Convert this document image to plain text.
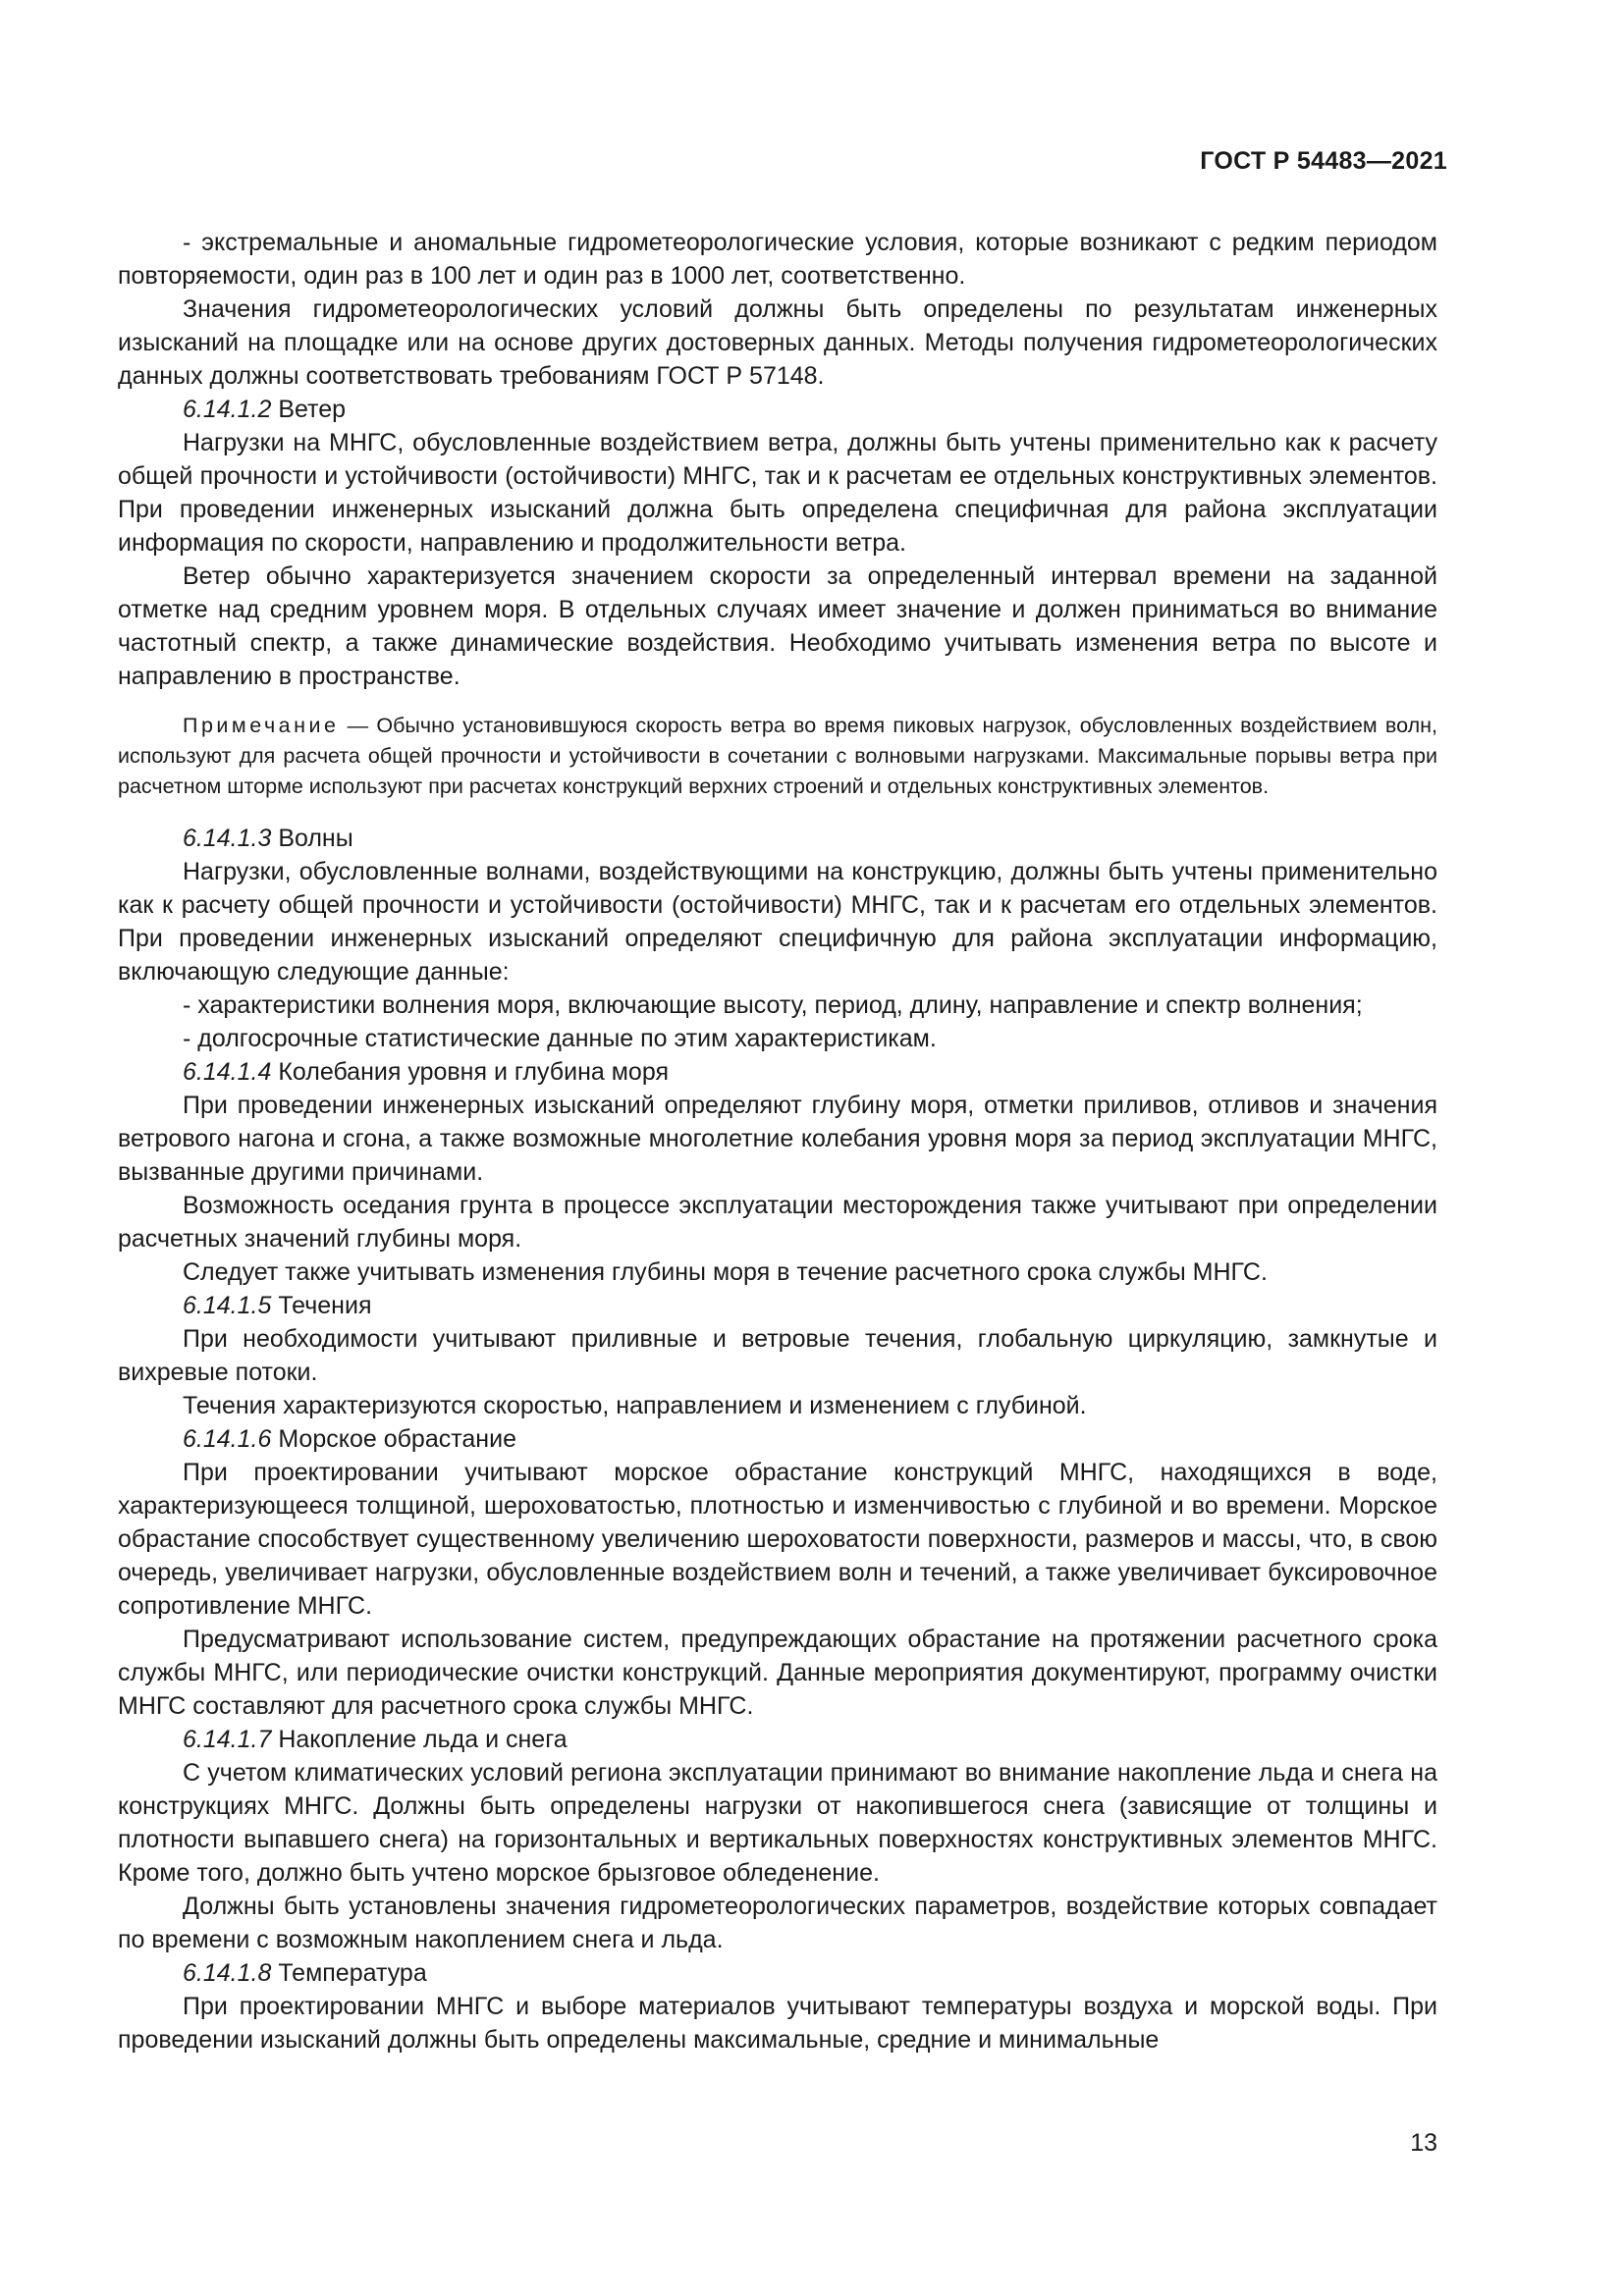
ГОСТ Р 54483—2021

- экстремальные и аномальные гидрометеорологические условия, которые возникают с редким периодом повторяемости, один раз в 100 лет и один раз в 1000 лет, соответственно.

Значения гидрометеорологических условий должны быть определены по результатам инженерных изысканий на площадке или на основе других достоверных данных. Методы получения гидрометеорологических данных должны соответствовать требованиям ГОСТ Р 57148.

6.14.1.2 Ветер

Нагрузки на МНГС, обусловленные воздействием ветра, должны быть учтены применительно как к расчету общей прочности и устойчивости (остойчивости) МНГС, так и к расчетам ее отдельных конструктивных элементов. При проведении инженерных изысканий должна быть определена специфичная для района эксплуатации информация по скорости, направлению и продолжительности ветра.

Ветер обычно характеризуется значением скорости за определенный интервал времени на заданной отметке над средним уровнем моря. В отдельных случаях имеет значение и должен приниматься во внимание частотный спектр, а также динамические воздействия. Необходимо учитывать изменения ветра по высоте и направлению в пространстве.

Примечание — Обычно установившуюся скорость ветра во время пиковых нагрузок, обусловленных воздействием волн, используют для расчета общей прочности и устойчивости в сочетании с волновыми нагрузками. Максимальные порывы ветра при расчетном шторме используют при расчетах конструкций верхних строений и отдельных конструктивных элементов.

6.14.1.3 Волны

Нагрузки, обусловленные волнами, воздействующими на конструкцию, должны быть учтены применительно как к расчету общей прочности и устойчивости (остойчивости) МНГС, так и к расчетам его отдельных элементов. При проведении инженерных изысканий определяют специфичную для района эксплуатации информацию, включающую следующие данные:

- характеристики волнения моря, включающие высоту, период, длину, направление и спектр волнения;

- долгосрочные статистические данные по этим характеристикам.

6.14.1.4 Колебания уровня и глубина моря

При проведении инженерных изысканий определяют глубину моря, отметки приливов, отливов и значения ветрового нагона и сгона, а также возможные многолетние колебания уровня моря за период эксплуатации МНГС, вызванные другими причинами.

Возможность оседания грунта в процессе эксплуатации месторождения также учитывают при определении расчетных значений глубины моря.

Следует также учитывать изменения глубины моря в течение расчетного срока службы МНГС.

6.14.1.5 Течения

При необходимости учитывают приливные и ветровые течения, глобальную циркуляцию, замкнутые и вихревые потоки.

Течения характеризуются скоростью, направлением и изменением с глубиной.

6.14.1.6 Морское обрастание

При проектировании учитывают морское обрастание конструкций МНГС, находящихся в воде, характеризующееся толщиной, шероховатостью, плотностью и изменчивостью с глубиной и во времени. Морское обрастание способствует существенному увеличению шероховатости поверхности, размеров и массы, что, в свою очередь, увеличивает нагрузки, обусловленные воздействием волн и течений, а также увеличивает буксировочное сопротивление МНГС.

Предусматривают использование систем, предупреждающих обрастание на протяжении расчетного срока службы МНГС, или периодические очистки конструкций. Данные мероприятия документируют, программу очистки МНГС составляют для расчетного срока службы МНГС.

6.14.1.7 Накопление льда и снега

С учетом климатических условий региона эксплуатации принимают во внимание накопление льда и снега на конструкциях МНГС. Должны быть определены нагрузки от накопившегося снега (зависящие от толщины и плотности выпавшего снега) на горизонтальных и вертикальных поверхностях конструктивных элементов МНГС. Кроме того, должно быть учтено морское брызговое обледенение.

Должны быть установлены значения гидрометеорологических параметров, воздействие которых совпадает по времени с возможным накоплением снега и льда.

6.14.1.8 Температура

При проектировании МНГС и выборе материалов учитывают температуры воздуха и морской воды. При проведении изысканий должны быть определены максимальные, средние и минимальные

13
